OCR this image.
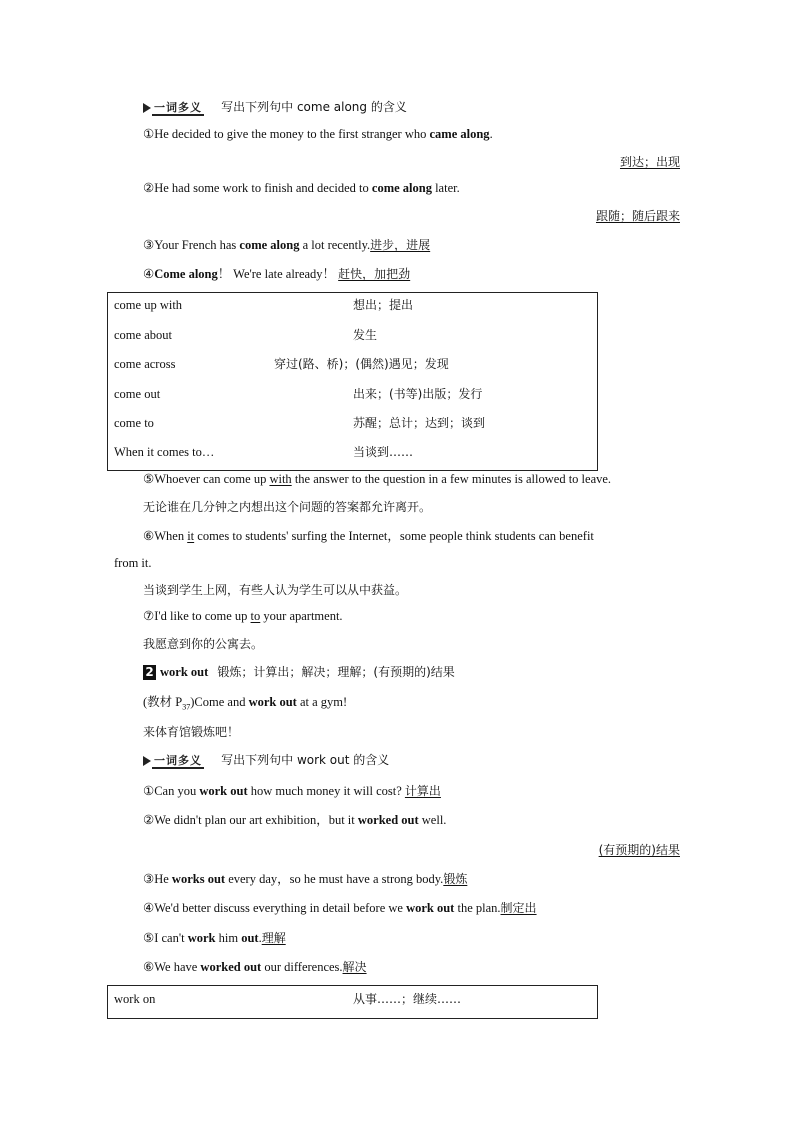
一词多义 写出下列句中 come along 的含义
①He decided to give the money to the first stranger who came along.
到达；出现
②He had some work to finish and decided to come along later.
跟随；随后跟来
③Your French has come along a lot recently.进步，进展
④Come along！ We're late already！ 赶快，加把劲
come up with	想出；提出
come about	发生
come across	穿过(路、桥)；(偶然)遇见；发现
come out	出来；(书等)出版；发行
come to	苏醒；总计；达到；谈到
When it comes to…	当谈到……
⑤Whoever can come up with the answer to the question in a few minutes is allowed to leave.
无论谁在几分钟之内想出这个问题的答案都允许离开。
⑥When it comes to students' surfing the Internet，some people think students can benefit
from it.
当谈到学生上网，有些人认为学生可以从中获益。
⑦I'd like to come up to your apartment.
我愿意到你的公寓去。
2 work out 锻炼；计算出；解决；理解；(有预期的)结果
(教材 $P_{37})Come$ and work out at a gym!
来体育馆锻炼吧！
一词多义 写出下列句中 work out 的含义
①Can you work out how much money it will cost? 计算出
②We didn't plan our art exhibition，but it worked out well.
(有预期的)结果
③He works out every day，so he must have a strong body.锻炼
④We'd better discuss everything in detail before we work out the plan.制定出
⑤I can't work him out.理解
⑥We have worked out our differences.解决
work on	从事……；继续……
